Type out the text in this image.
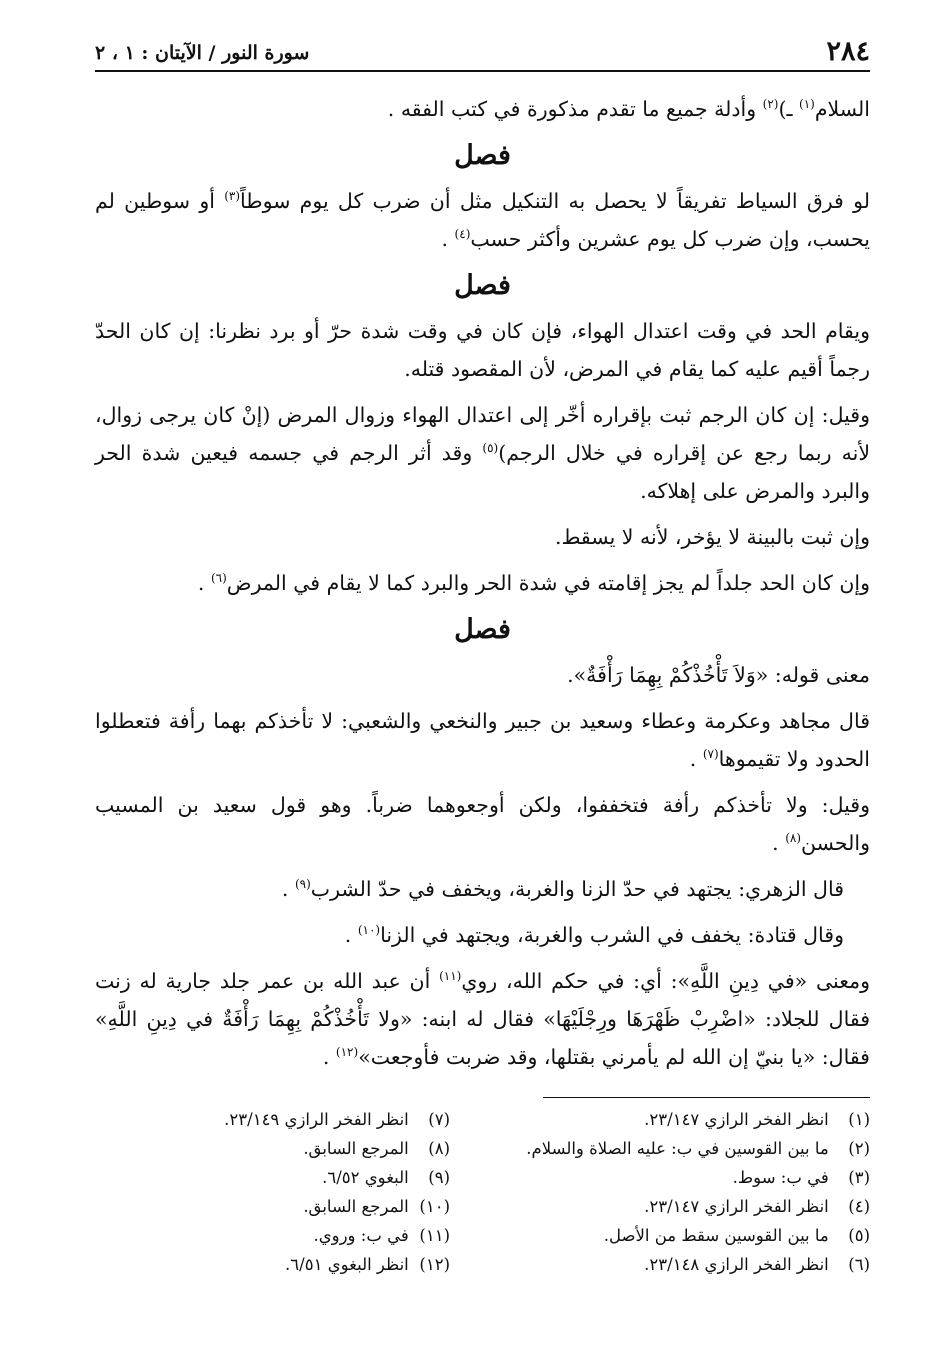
٢٨٤
سورة النور / الآيتان : ١ ، ٢

السلام$^{(١)}$ ـ)$^{(٢)}$ وأدلة جميع ما تقدم مذكورة في كتب الفقه .

فصل

لو فرق السياط تفريقاً لا يحصل به التنكيل مثل أن ضرب كل يوم سوطاً$^{(٣)}$ أو سوطين لم يحسب، وإن ضرب كل يوم عشرين وأكثر حسب$^{(٤)}$ .

فصل

ويقام الحد في وقت اعتدال الهواء، فإن كان في وقت شدة حرّ أو برد نظرنا: إن كان الحدّ رجماً أقيم عليه كما يقام في المرض، لأن المقصود قتله.

وقيل: إن كان الرجم ثبت بإقراره أخّر إلى اعتدال الهواء وزوال المرض (إنْ كان يرجى زوال، لأنه ربما رجع عن إقراره في خلال الرجم)$^{(٥)}$ وقد أثر الرجم في جسمه فيعين شدة الحر والبرد والمرض على إهلاكه.

وإن ثبت بالبينة لا يؤخر، لأنه لا يسقط.

وإن كان الحد جلداً لم يجز إقامته في شدة الحر والبرد كما لا يقام في المرض$^{(٦)}$ .

فصل

معنى قوله: «وَلاَ تَأْخُذْكُمْ بِهِمَا رَأْفَةٌ».

قال مجاهد وعكرمة وعطاء وسعيد بن جبير والنخعي والشعبي: لا تأخذكم بهما رأفة فتعطلوا الحدود ولا تقيموها$^{(٧)}$ .

وقيل: ولا تأخذكم رأفة فتخففوا، ولكن أوجعوهما ضرباً. وهو قول سعيد بن المسيب والحسن$^{(٨)}$ .

قال الزهري: يجتهد في حدّ الزنا والغربة، ويخفف في حدّ الشرب$^{(٩)}$ .

وقال قتادة: يخفف في الشرب والغربة، ويجتهد في الزنا$^{(١٠)}$ .

ومعنى «في دِينِ اللَّهِ»: أي: في حكم الله، روي$^{(١١)}$ أن عبد الله بن عمر جلد جارية له زنت فقال للجلاد: «اضْرِبْ ظَهْرَهَا ورِجْلَيْهَا» فقال له ابنه: «ولا تَأْخُذْكُمْ بِهِمَا رَأْفَةٌ في دِينِ اللَّهِ» فقال: «يا بنيّ إن الله لم يأمرني بقتلها، وقد ضربت فأوجعت»$^{(١٢)}$ .

(١) انظر الفخر الرازي ٢٣/١٤٧.
(٢) ما بين القوسين في ب: عليه الصلاة والسلام.
(٣) في ب: سوط.
(٤) انظر الفخر الرازي ٢٣/١٤٧.
(٥) ما بين القوسين سقط من الأصل.
(٦) انظر الفخر الرازي ٢٣/١٤٨.
(٧) انظر الفخر الرازي ٢٣/١٤٩.
(٨) المرجع السابق.
(٩) البغوي ٦/٥٢.
(١٠) المرجع السابق.
(١١) في ب: وروي.
(١٢) انظر البغوي ٦/٥١.
